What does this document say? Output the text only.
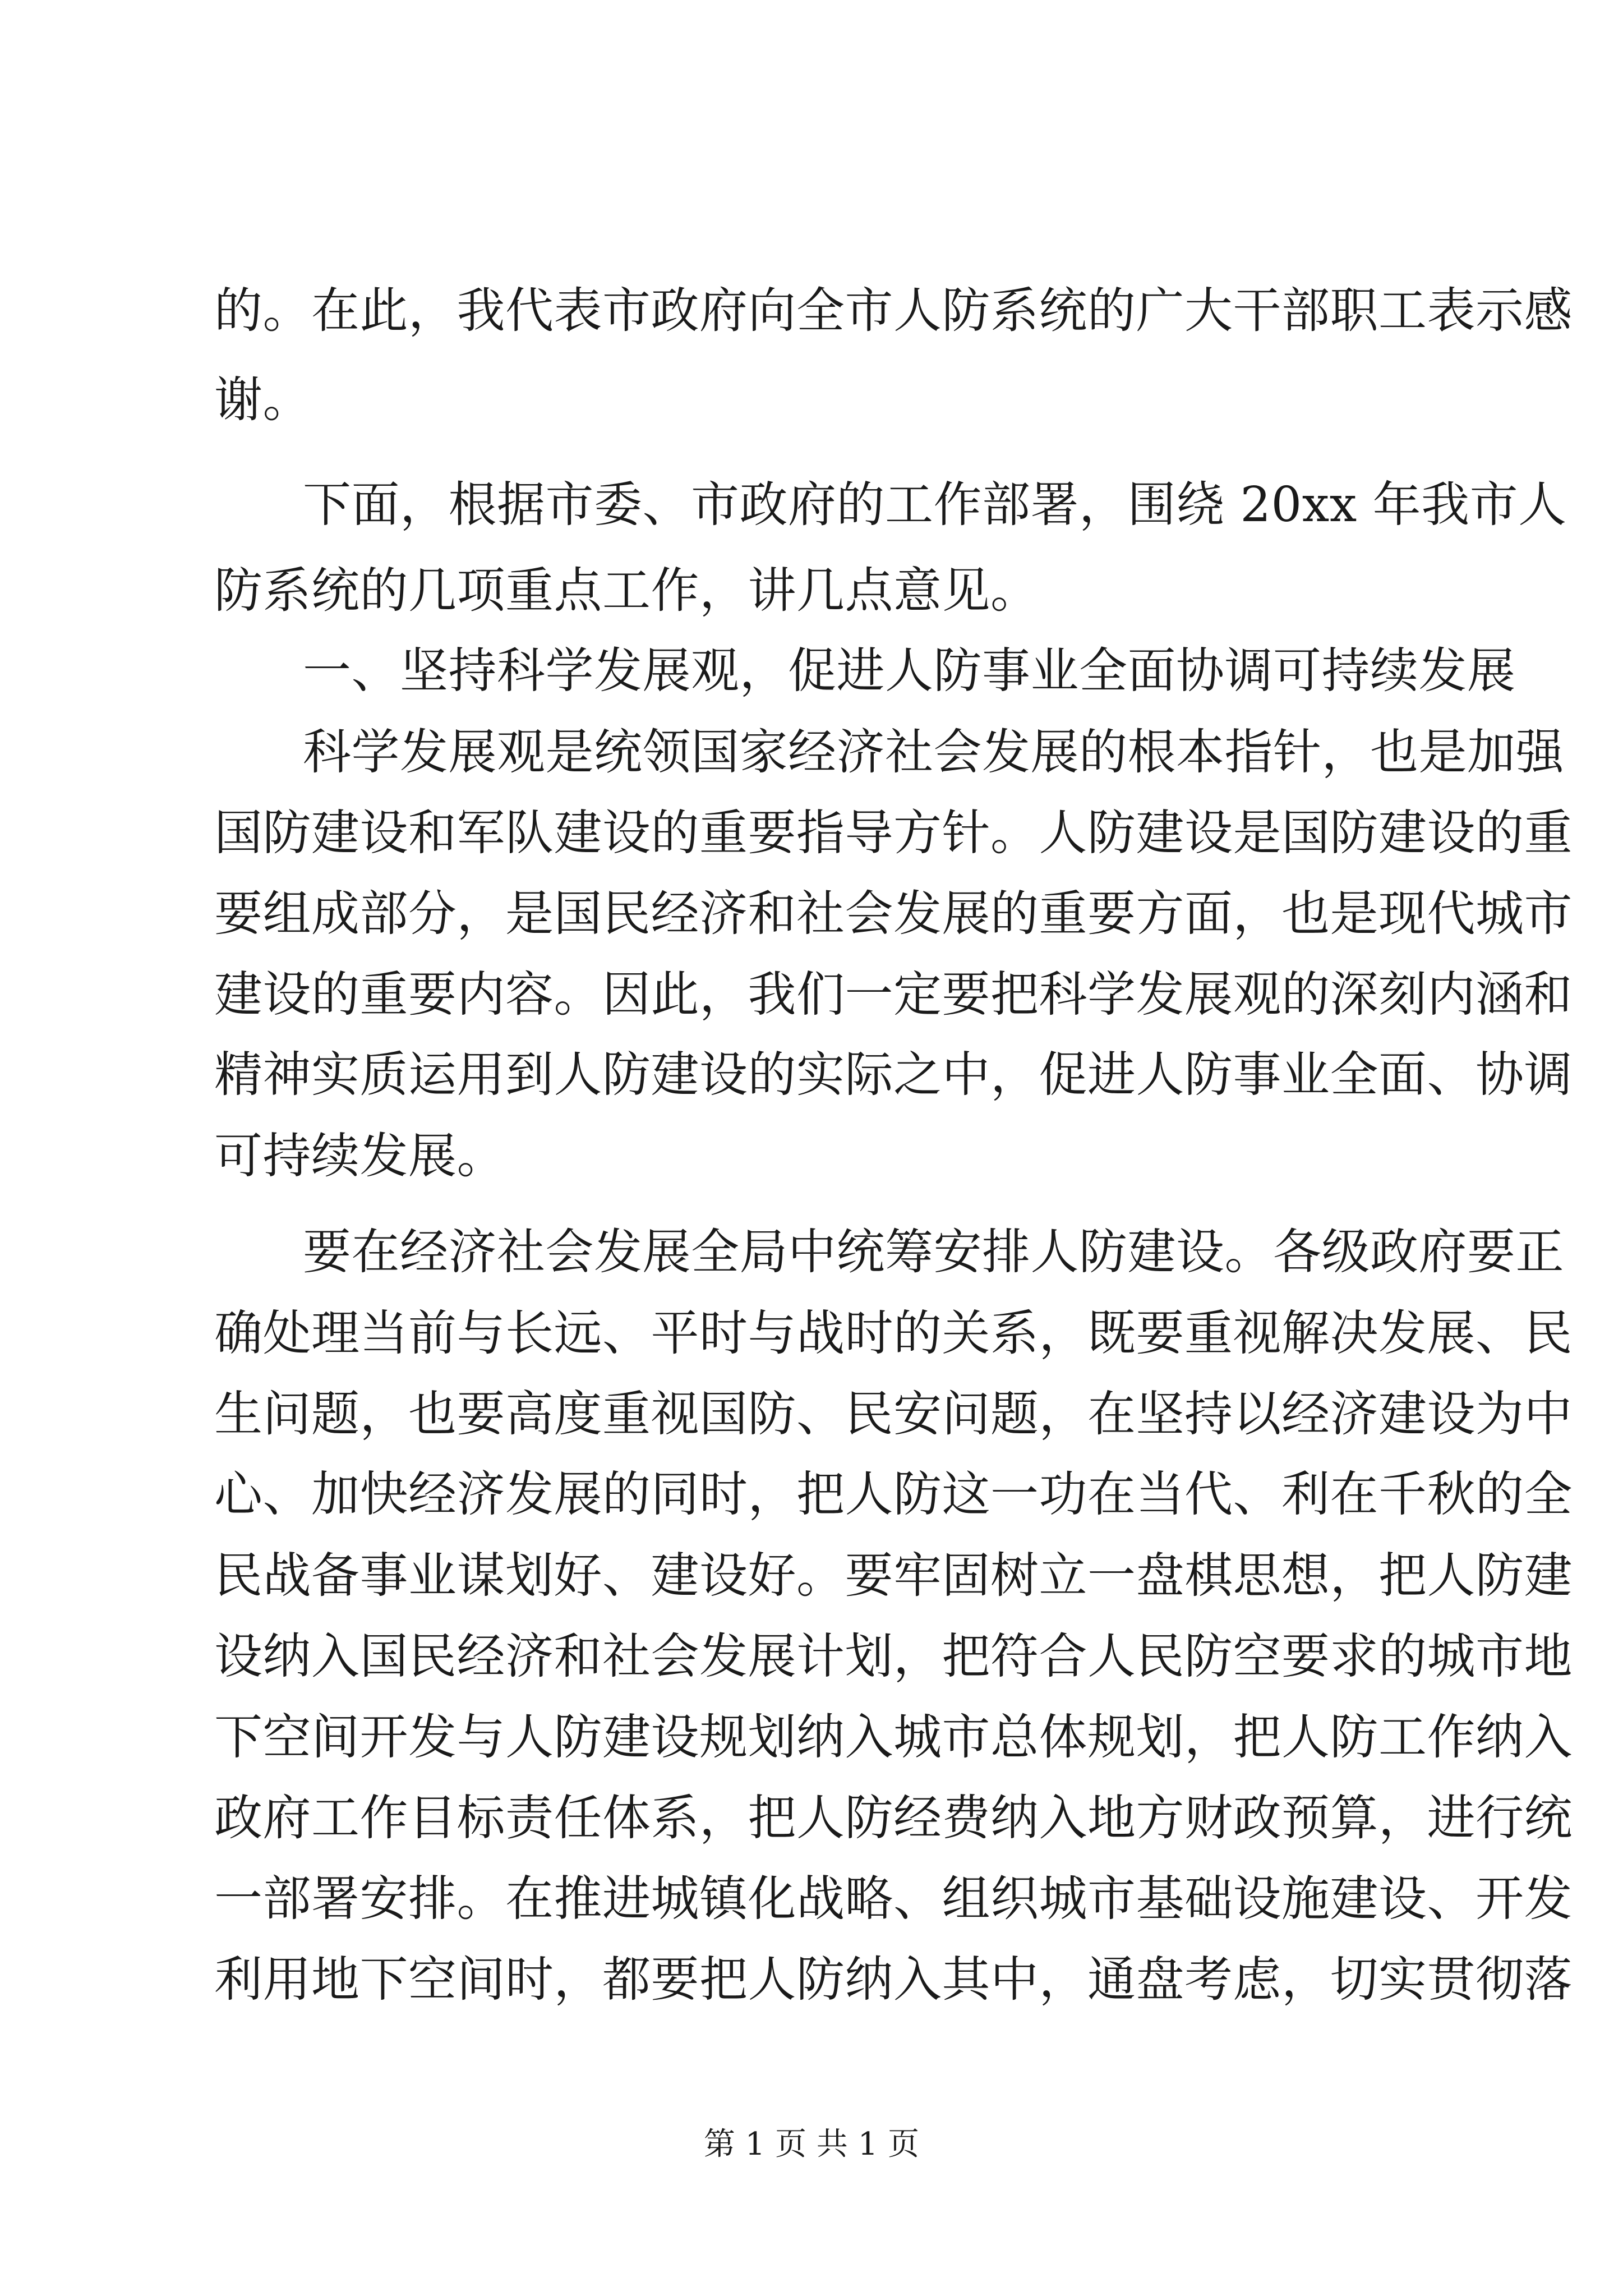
的。在此，我代表市政府向全市人防系统的广大干部职工表示感
谢。
下面，根据市委、市政府的工作部署，围绕 20xx 年我市人
防系统的几项重点工作，讲几点意见。
一、坚持科学发展观，促进人防事业全面协调可持续发展
科学发展观是统领国家经济社会发展的根本指针，也是加强
国防建设和军队建设的重要指导方针。人防建设是国防建设的重
要组成部分，是国民经济和社会发展的重要方面，也是现代城市
建设的重要内容。因此，我们一定要把科学发展观的深刻内涵和
精神实质运用到人防建设的实际之中，促进人防事业全面、协调
可持续发展。
要在经济社会发展全局中统筹安排人防建设。各级政府要正
确处理当前与长远、平时与战时的关系，既要重视解决发展、民
生问题，也要高度重视国防、民安问题，在坚持以经济建设为中
心、加快经济发展的同时，把人防这一功在当代、利在千秋的全
民战备事业谋划好、建设好。要牢固树立一盘棋思想，把人防建
设纳入国民经济和社会发展计划，把符合人民防空要求的城市地
下空间开发与人防建设规划纳入城市总体规划，把人防工作纳入
政府工作目标责任体系，把人防经费纳入地方财政预算，进行统
一部署安排。在推进城镇化战略、组织城市基础设施建设、开发
利用地下空间时，都要把人防纳入其中，通盘考虑，切实贯彻落
第 1 页 共 1 页
